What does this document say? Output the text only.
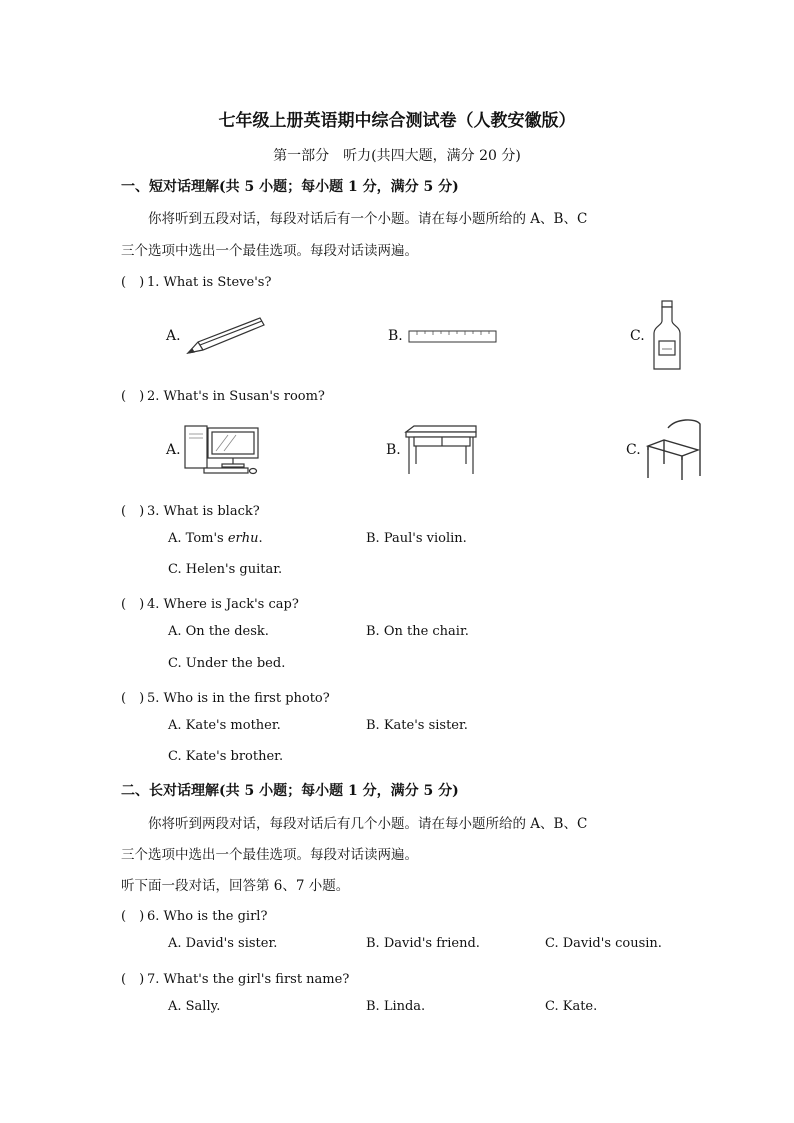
七年级上册英语期中综合测试卷（人教安徽版）
第一部分　听力(共四大题，满分 20 分)
一、短对话理解(共 5 小题；每小题 1 分，满分 5 分)
你将听到五段对话，每段对话后有一个小题。请在每小题所给的 A、B、C
三个选项中选出一个最佳选项。每段对话读两遍。
(　) 1. What is Steve's?
A.	B.	C.
(　) 2. What's in Susan's room?
A.	B.	C.
(　) 3. What is black?
A. Tom's erhu.	B. Paul's violin.
C. Helen's guitar.
(　) 4. Where is Jack's cap?
A. On the desk.	B. On the chair.
C. Under the bed.
(　) 5. Who is in the first photo?
A. Kate's mother.	B. Kate's sister.
C. Kate's brother.
二、长对话理解(共 5 小题；每小题 1 分，满分 5 分)
你将听到两段对话，每段对话后有几个小题。请在每小题所给的 A、B、C
三个选项中选出一个最佳选项。每段对话读两遍。
听下面一段对话，回答第 6、7 小题。
(　) 6. Who is the girl?
A. David's sister.	B. David's friend.	C. David's cousin.
(　) 7. What's the girl's first name?
A. Sally.	B. Linda.	C. Kate.
